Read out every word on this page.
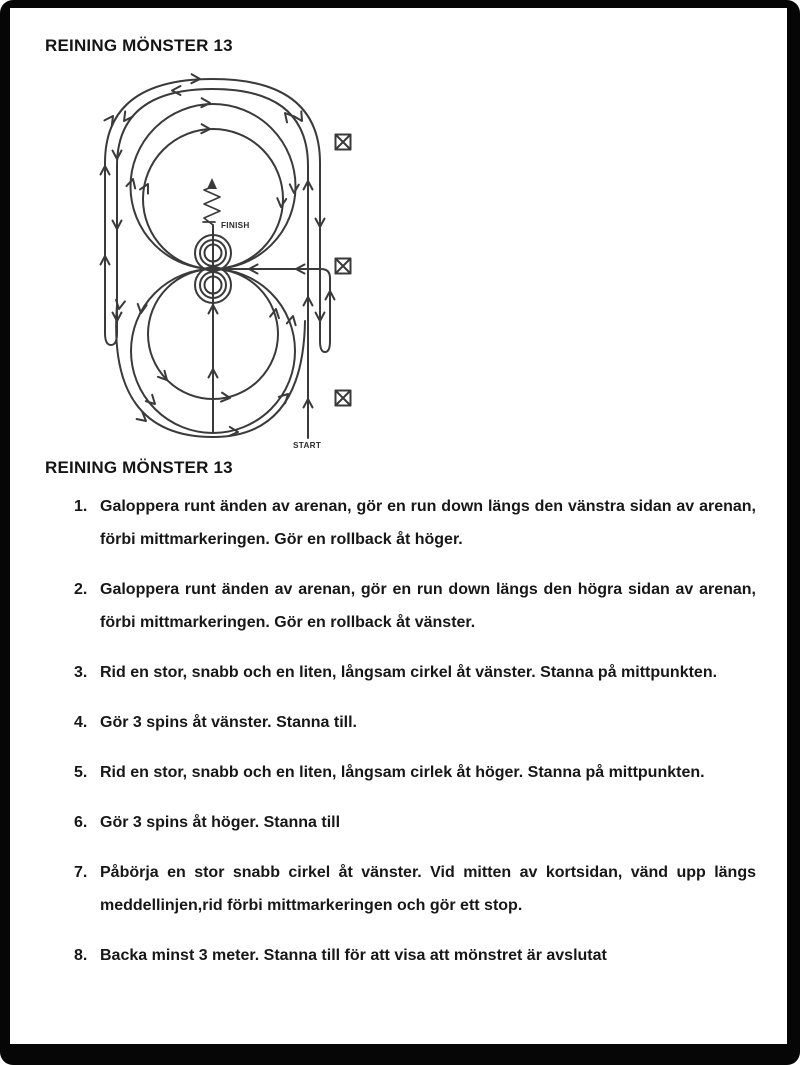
REINING MÖNSTER 13
FINISH
START
REINING MÖNSTER 13
1. Galoppera runt änden av arenan, gör en run down längs den vänstra sidan av arenan, förbi mittmarkeringen. Gör en rollback åt höger.
2. Galoppera runt änden av arenan, gör en run down längs den högra sidan av arenan, förbi mittmarkeringen. Gör en rollback åt vänster.
3. Rid en stor, snabb och en liten, långsam cirkel åt vänster. Stanna på mittpunkten.
4. Gör 3 spins åt vänster. Stanna till.
5. Rid en stor, snabb och en liten, långsam cirlek åt höger. Stanna på mittpunkten.
6. Gör 3 spins åt höger. Stanna till
7. Påbörja en stor snabb cirkel åt vänster. Vid mitten av kortsidan, vänd upp längs meddellinjen,rid förbi mittmarkeringen och gör ett stop.
8. Backa minst 3 meter. Stanna till för att visa att mönstret är avslutat
